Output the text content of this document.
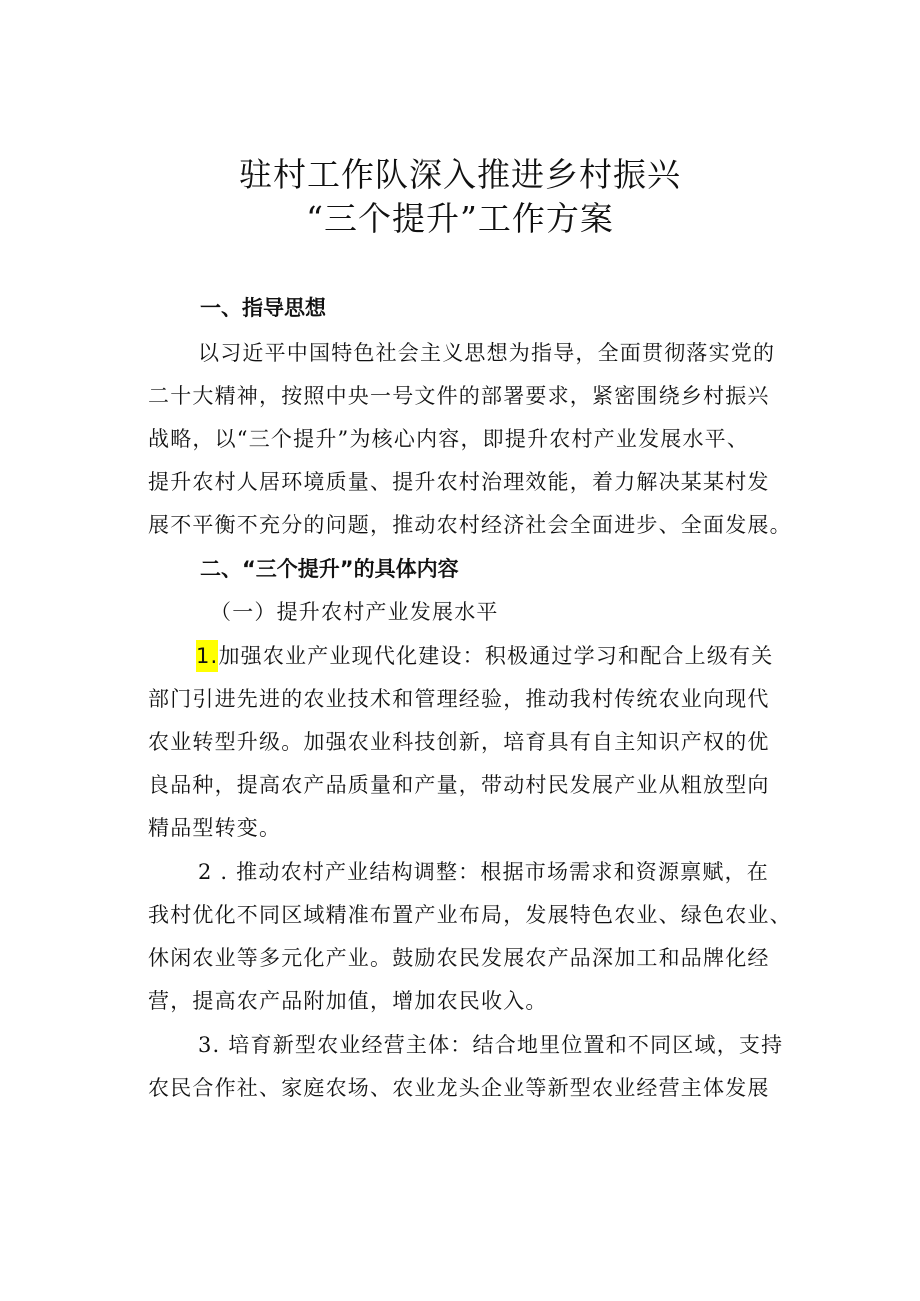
驻村工作队深入推进乡村振兴
“三个提升”工作方案
一、指导思想
以习近平中国特色社会主义思想为指导，全面贯彻落实党的
二十大精神，按照中央一号文件的部署要求，紧密围绕乡村振兴
战略，以“三个提升”为核心内容，即提升农村产业发展水平、
提升农村人居环境质量、提升农村治理效能，着力解决某某村发
展不平衡不充分的问题，推动农村经济社会全面进步、全面发展。
二、“三个提升”的具体内容
（一）提升农村产业发展水平
1.加强农业产业现代化建设：积极通过学习和配合上级有关
部门引进先进的农业技术和管理经验，推动我村传统农业向现代
农业转型升级。加强农业科技创新，培育具有自主知识产权的优
良品种，提高农产品质量和产量，带动村民发展产业从粗放型向
精品型转变。
2 . 推动农村产业结构调整：根据市场需求和资源禀赋，在
我村优化不同区域精准布置产业布局，发展特色农业、绿色农业、
休闲农业等多元化产业。鼓励农民发展农产品深加工和品牌化经
营，提高农产品附加值，增加农民收入。
3. 培育新型农业经营主体：结合地里位置和不同区域，支持
农民合作社、家庭农场、农业龙头企业等新型农业经营主体发展
